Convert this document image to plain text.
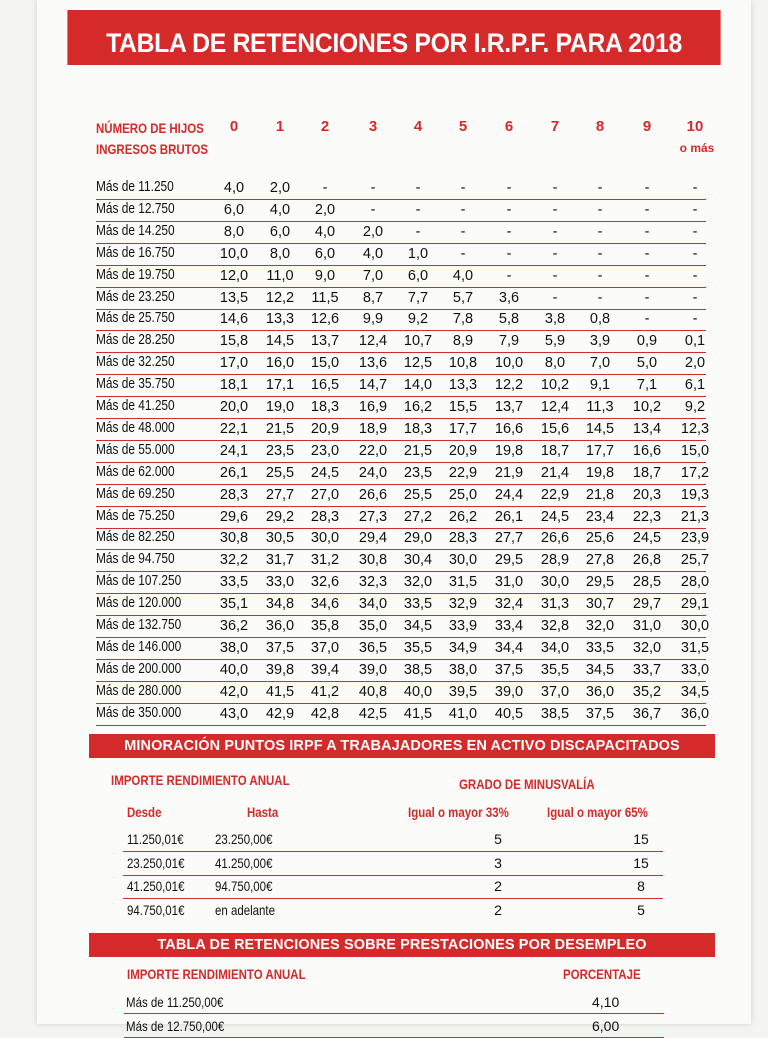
TABLA DE RETENCIONES POR I.R.P.F. PARA 2018
NÚMERO DE HIJOS
INGRESOS BRUTOS
0	1	2	3	4	5	6	7	8	9	10
o más
Más de 11.250	4,0	2,0	-	-	-	-	-	-	-	-	-
Más de 12.750	6,0	4,0	2,0	-	-	-	-	-	-	-	-
Más de 14.250	8,0	6,0	4,0	2,0	-	-	-	-	-	-	-
Más de 16.750	10,0	8,0	6,0	4,0	1,0	-	-	-	-	-	-
Más de 19.750	12,0	11,0	9,0	7,0	6,0	4,0	-	-	-	-	-
Más de 23.250	13,5	12,2	11,5	8,7	7,7	5,7	3,6	-	-	-	-
Más de 25.750	14,6	13,3	12,6	9,9	9,2	7,8	5,8	3,8	0,8	-	-
Más de 28.250	15,8	14,5	13,7	12,4	10,7	8,9	7,9	5,9	3,9	0,9	0,1
Más de 32.250	17,0	16,0	15,0	13,6	12,5	10,8	10,0	8,0	7,0	5,0	2,0
Más de 35.750	18,1	17,1	16,5	14,7	14,0	13,3	12,2	10,2	9,1	7,1	6,1
Más de 41.250	20,0	19,0	18,3	16,9	16,2	15,5	13,7	12,4	11,3	10,2	9,2
Más de 48.000	22,1	21,5	20,9	18,9	18,3	17,7	16,6	15,6	14,5	13,4	12,3
Más de 55.000	24,1	23,5	23,0	22,0	21,5	20,9	19,8	18,7	17,7	16,6	15,0
Más de 62.000	26,1	25,5	24,5	24,0	23,5	22,9	21,9	21,4	19,8	18,7	17,2
Más de 69.250	28,3	27,7	27,0	26,6	25,5	25,0	24,4	22,9	21,8	20,3	19,3
Más de 75.250	29,6	29,2	28,3	27,3	27,2	26,2	26,1	24,5	23,4	22,3	21,3
Más de 82.250	30,8	30,5	30,0	29,4	29,0	28,3	27,7	26,6	25,6	24,5	23,9
Más de 94.750	32,2	31,7	31,2	30,8	30,4	30,0	29,5	28,9	27,8	26,8	25,7
Más de 107.250	33,5	33,0	32,6	32,3	32,0	31,5	31,0	30,0	29,5	28,5	28,0
Más de 120.000	35,1	34,8	34,6	34,0	33,5	32,9	32,4	31,3	30,7	29,7	29,1
Más de 132.750	36,2	36,0	35,8	35,0	34,5	33,9	33,4	32,8	32,0	31,0	30,0
Más de 146.000	38,0	37,5	37,0	36,5	35,5	34,9	34,4	34,0	33,5	32,0	31,5
Más de 200.000	40,0	39,8	39,4	39,0	38,5	38,0	37,5	35,5	34,5	33,7	33,0
Más de 280.000	42,0	41,5	41,2	40,8	40,0	39,5	39,0	37,0	36,0	35,2	34,5
Más de 350.000	43,0	42,9	42,8	42,5	41,5	41,0	40,5	38,5	37,5	36,7	36,0
MINORACIÓN PUNTOS IRPF A TRABAJADORES EN ACTIVO DISCAPACITADOS
IMPORTE RENDIMIENTO ANUAL	GRADO DE MINUSVALÍA
Desde	Hasta	Igual o mayor 33%	Igual o mayor 65%
11.250,01€	23.250,00€	5	15
23.250,01€	41.250,00€	3	15
41.250,01€	94.750,00€	2	8
94.750,01€	en adelante	2	5
TABLA DE RETENCIONES SOBRE PRESTACIONES POR DESEMPLEO
IMPORTE RENDIMIENTO ANUAL	PORCENTAJE
Más de 11.250,00€	4,10
Más de 12.750,00€	6,00
